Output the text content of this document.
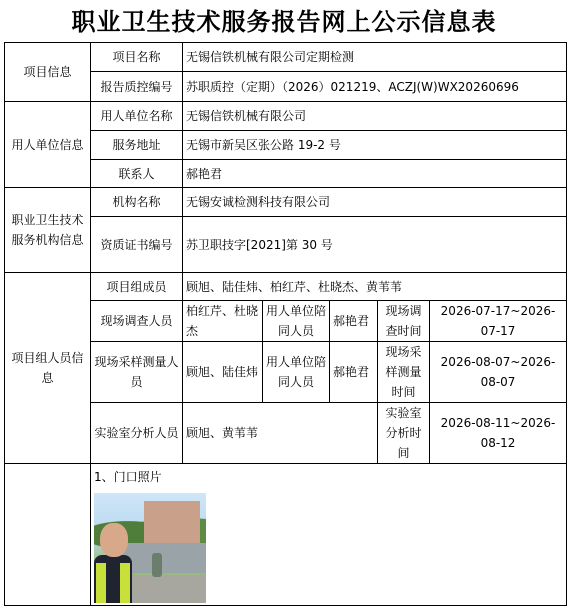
职业卫生技术服务报告网上公示信息表
项目信息	项目名称	无锡信铁机械有限公司定期检测				
	报告质控编号	苏职质控（定期）（2026）021219、ACZJ(W)WX20260696				
用人单位信息	用人单位名称	无锡信铁机械有限公司				
	服务地址	无锡市新吴区张公路 19-2 号				
	联系人	郝艳君				
职业卫生技术服务机构信息	机构名称	无锡安诚检测科技有限公司				
	资质证书编号	苏卫职技字[2021]第 30 号				
项目组人员信息	项目组成员	顾旭、陆佳炜、柏红芹、杜晓杰、黄苇苇				
	现场调查人员	柏红芹、杜晓杰	用人单位陪同人员	郝艳君	现场调查时间	2026-07-17~2026-07-17
	现场采样测量人员	顾旭、陆佳炜	用人单位陪同人员	郝艳君	现场采样测量时间	2026-08-07~2026-08-07
	实验室分析人员	顾旭、黄苇苇			实验室分析时间	2026-08-11~2026-08-12

	1、门口照片					
